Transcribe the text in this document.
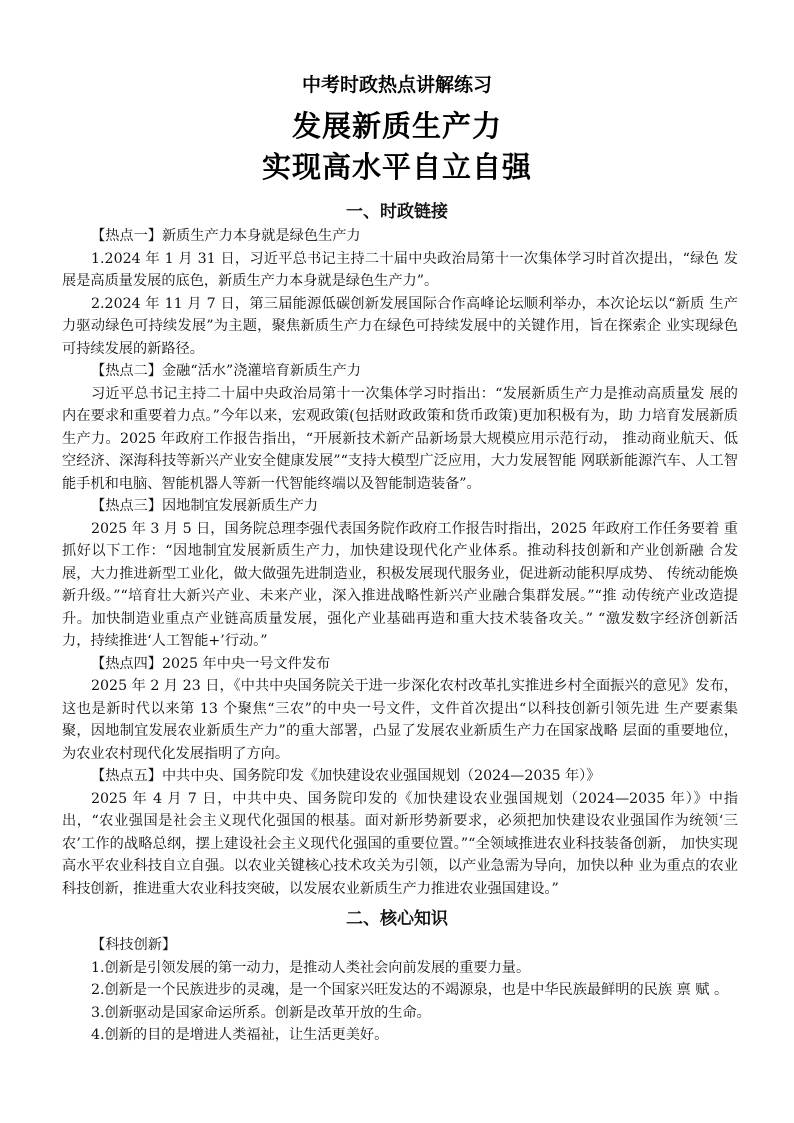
中考时政热点讲解练习
发展新质生产力
实现高水平自立自强
一、时政链接

【热点一】新质生产力本身就是绿色生产力

1.2024 年 1 月 31 日，习近平总书记主持二十届中央政治局第十一次集体学习时首次提出，“绿色 发展是高质量发展的底色，新质生产力本身就是绿色生产力”。

2.2024 年 11 月 7 日，第三届能源低碳创新发展国际合作高峰论坛顺利举办，本次论坛以“新质 生产力驱动绿色可持续发展”为主题，聚焦新质生产力在绿色可持续发展中的关键作用，旨在探索企 业实现绿色可持续发展的新路径。

【热点二】金融“活水”浇灌培育新质生产力

习近平总书记主持二十届中央政治局第十一次集体学习时指出：“发展新质生产力是推动高质量发 展的内在要求和重要着力点。”今年以来，宏观政策(包括财政政策和货币政策)更加积极有为，助 力培育发展新质生产力。2025 年政府工作报告指出，“开展新技术新产品新场景大规模应用示范行动， 推动商业航天、低空经济、深海科技等新兴产业安全健康发展”“支持大模型广泛应用，大力发展智能 网联新能源汽车、人工智能手机和电脑、智能机器人等新一代智能终端以及智能制造装备”。

【热点三】因地制宜发展新质生产力

2025 年 3 月 5 日，国务院总理李强代表国务院作政府工作报告时指出，2025 年政府工作任务要着 重抓好以下工作：“因地制宜发展新质生产力，加快建设现代化产业体系。推动科技创新和产业创新融 合发展，大力推进新型工业化，做大做强先进制造业，积极发展现代服务业，促进新动能积厚成势、 传统动能焕新升级。”“培育壮大新兴产业、未来产业，深入推进战略性新兴产业融合集群发展。”“推 动传统产业改造提升。加快制造业重点产业链高质量发展，强化产业基础再造和重大技术装备攻关。” “激发数字经济创新活力，持续推进‘人工智能+’行动。”

【热点四】2025 年中央一号文件发布

2025 年 2 月 23 日，《中共中央国务院关于进一步深化农村改革扎实推进乡村全面振兴的意见》发布，这也是新时代以来第 13 个聚焦“三农”的中央一号文件，文件首次提出“以科技创新引领先进 生产要素集聚，因地制宜发展农业新质生产力”的重大部署，凸显了发展农业新质生产力在国家战略 层面的重要地位，为农业农村现代化发展指明了方向。

【热点五】中共中央、国务院印发《加快建设农业强国规划（2024—2035 年）》

2025 年 4 月 7 日，中共中央、国务院印发的《加快建设农业强国规划（2024—2035 年）》中指出，“农业强国是社会主义现代化强国的根基。面对新形势新要求，必须把加快建设农业强国作为统领‘三 农’工作的战略总纲，摆上建设社会主义现代化强国的重要位置。”“全领域推进农业科技装备创新， 加快实现高水平农业科技自立自强。以农业关键核心技术攻关为引领，以产业急需为导向，加快以种 业为重点的农业科技创新，推进重大农业科技突破，以发展农业新质生产力推进农业强国建设。”

二、核心知识

【科技创新】

1.创新是引领发展的第一动力，是推动人类社会向前发展的重要力量。

2.创新是一个民族进步的灵魂，是一个国家兴旺发达的不竭源泉，也是中华民族最鲜明的民族 禀 赋 。

3.创新驱动是国家命运所系。创新是改革开放的生命。

4.创新的目的是增进人类福祉，让生活更美好。
